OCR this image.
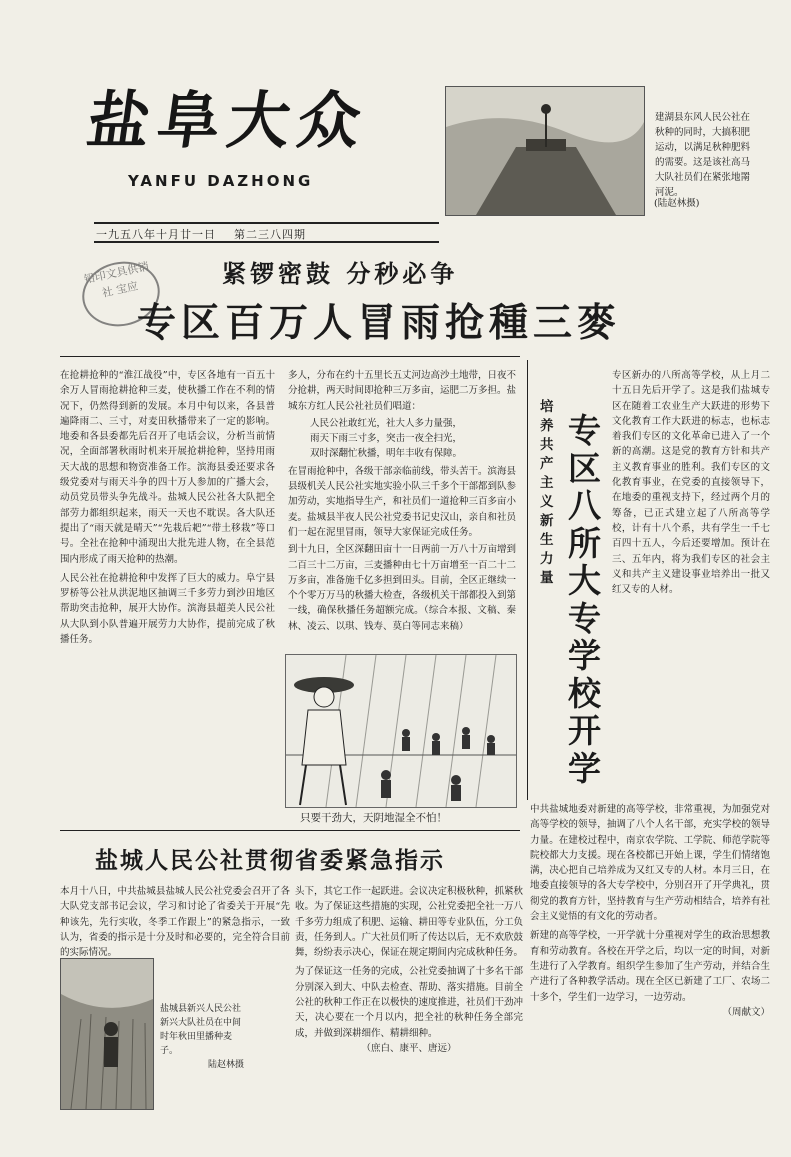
盐阜大众
YANFU DAZHONG
一九五八年十月廿一日 第二三八四期
建湖县东风人民公社在秋种的同时，大搞积肥运动，以满足秋种肥料的需要。这是该社高马大队社员们在紧张地罱河泥。
(陆赵林摄)
铅印文具供销社 宝应
紧锣密鼓 分秒必争
专区百万人冒雨抢種三麥
在抢耕抢种的“淮江战役”中，专区各地有一百五十余万人冒雨抢耕抢种三麦，使秋播工作在不利的情况下，仍然得到新的发展。本月中旬以来，各县普遍降雨二、三寸，对麦田秋播带来了一定的影响。地委和各县委都先后召开了电话会议，分析当前情况，全面部署秋雨时机来开展抢耕抢种，坚持用雨天大战的思想和物资准备工作。滨海县委还要求各级党委对与雨天斗争的四十万人参加的广播大会，动员党员带头争先战斗。盐城人民公社各大队把全部劳力都组织起来，雨天一天也不耽误。各大队还提出了“雨天就是晴天”“先栽后耙”“带土移栽”等口号。全社在抢种中涌现出大批先进人物，在全县范围内形成了雨天抢种的热潮。
人民公社在抢耕抢种中发挥了巨大的威力。阜宁县罗桥等公社从洪泥地区抽调三千多劳力到沙田地区帮助突击抢种，展开大协作。滨海县超美人民公社从大队到小队普遍开展劳力大协作，提前完成了秋播任务。
多人，分布在约十五里长五丈河边高沙土地带，日夜不分抢耕，两天时间即抢种三万多亩，运肥二万多担。盐城东方红人民公社社员们唱道：
人民公社敢红光，社大人多力量强，
雨天下雨三寸多，突击一夜全扫光，
双时深翻忙秋播，明年丰收有保障。
在冒雨抢种中，各级干部亲临前线，带头苦干。滨海县县级机关人民公社实地实验小队三千多个干部都到队参加劳动，实地指导生产，和社员们一道抢种三百多亩小麦。盐城县半夜人民公社党委书记史汉山，亲自和社员们一起在泥里冒雨，领导大家保证完成任务。
到十九日，全区深翻田亩十一日两前一万八十万亩增到二百三十二万亩，三麦播种由七十万亩增至一百二十二万多亩，准备施千亿多担到田头。目前，全区正继续一个个零万万马的秋播大检查，各级机关干部都投入到第一线，确保秋播任务超额完成。（综合本报、文稿、秦林、凌云、以琪、钱寿、莫白等同志来稿）
只要干劲大，天阴地湿全不怕！
培养共产主义新生力量
专区八所大专学校开学
专区新办的八所高等学校，从上月二十五日先后开学了。这是我们盐城专区在随着工农业生产大跃进的形势下文化教育工作大跃进的标志，也标志着我们专区的文化革命已进入了一个新的高潮。这是党的教育方针和共产主义教育事业的胜利。我们专区的文化教育事业，在党委的直接领导下，在地委的重视支持下，经过两个月的筹备，已正式建立起了八所高等学校，计有十八个系，共有学生一千七百四十五人，今后还要增加。预计在三、五年内，将为我们专区的社会主义和共产主义建设事业培养出一批又红又专的人材。
中共盐城地委对新建的高等学校，非常重视，为加强党对高等学校的领导，抽调了八个人名干部，充实学校的领导力量。在建校过程中，南京农学院、工学院、师范学院等院校都大力支援。现在各校都已开始上课，学生们情绪饱满，决心把自己培养成为又红又专的人材。本月三日，在地委直接领导的各大专学校中，分别召开了开学典礼，贯彻党的教育方针，坚持教育与生产劳动相结合，培养有社会主义觉悟的有文化的劳动者。
新建的高等学校，一开学就十分重视对学生的政治思想教育和劳动教育。各校在开学之后，均以一定的时间，对新生进行了入学教育。组织学生参加了生产劳动，并结合生产进行了各种教学活动。现在全区已新建了工厂、农场二十多个，学生们一边学习，一边劳动。
（周献文）
盐城人民公社贯彻省委紧急指示
本月十八日，中共盐城县盐城人民公社党委会召开了各大队党支部书记会议，学习和讨论了省委关于开展“先种该先，先行实收，冬季工作跟上”的紧急指示，一致认为，省委的指示是十分及时和必要的，完全符合目前的实际情况。
盐城县新兴人民公社新兴大队社员在中间时年秋田里播种麦子。
陆赵林摄
头下，其它工作一起跃进。会议决定积极秋种，抓紧秋收。为了保证这些措施的实现，公社党委把全社一万八千多劳力组成了积肥、运输、耕田等专业队伍，分工负责，任务到人。广大社员们听了传达以后，无不欢欣鼓舞，纷纷表示决心，保证在规定期间内完成秋种任务。
为了保证这一任务的完成，公社党委抽调了十多名干部分别深入到大、中队去检查、帮助、落实措施。目前全公社的秋种工作正在以极快的速度推进，社员们干劲冲天，决心要在一个月以内，把全社的秋种任务全部完成，并做到深耕细作、精耕细种。
（庶白、康平、唐远）
